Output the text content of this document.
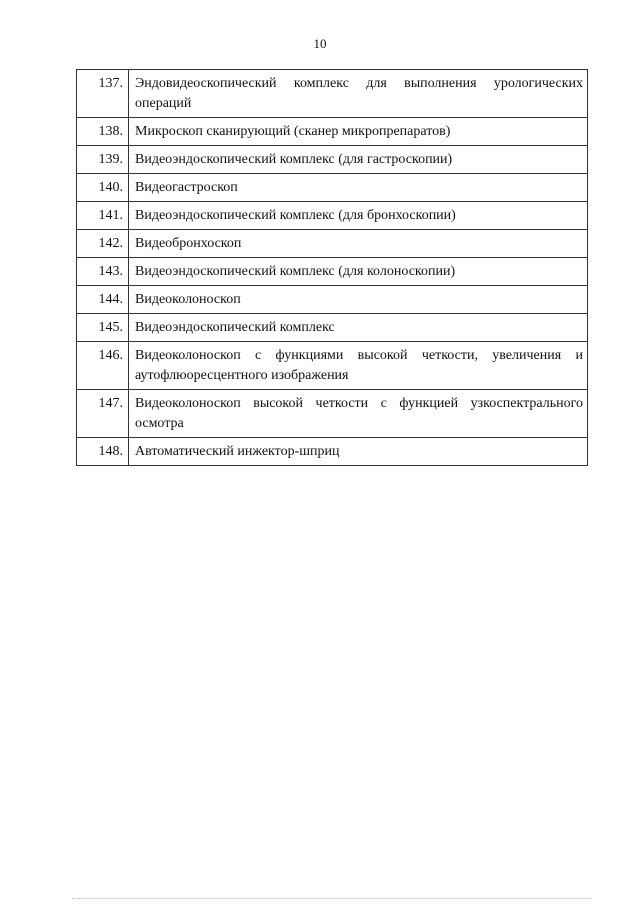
10
137.	Эндовидеоскопический комплекс для выполнения урологических операций
138.	Микроскоп сканирующий (сканер микропрепаратов)
139.	Видеоэндоскопический комплекс (для гастроскопии)
140.	Видеогастроскоп
141.	Видеоэндоскопический комплекс (для бронхоскопии)
142.	Видеобронхоскоп
143.	Видеоэндоскопический комплекс (для колоноскопии)
144.	Видеоколоноскоп
145.	Видеоэндоскопический комплекс
146.	Видеоколоноскоп с функциями высокой четкости, увеличения и аутофлюоресцентного изображения
147.	Видеоколоноскоп высокой четкости с функцией узкоспектрального осмотра
148.	Автоматический инжектор-шприц
